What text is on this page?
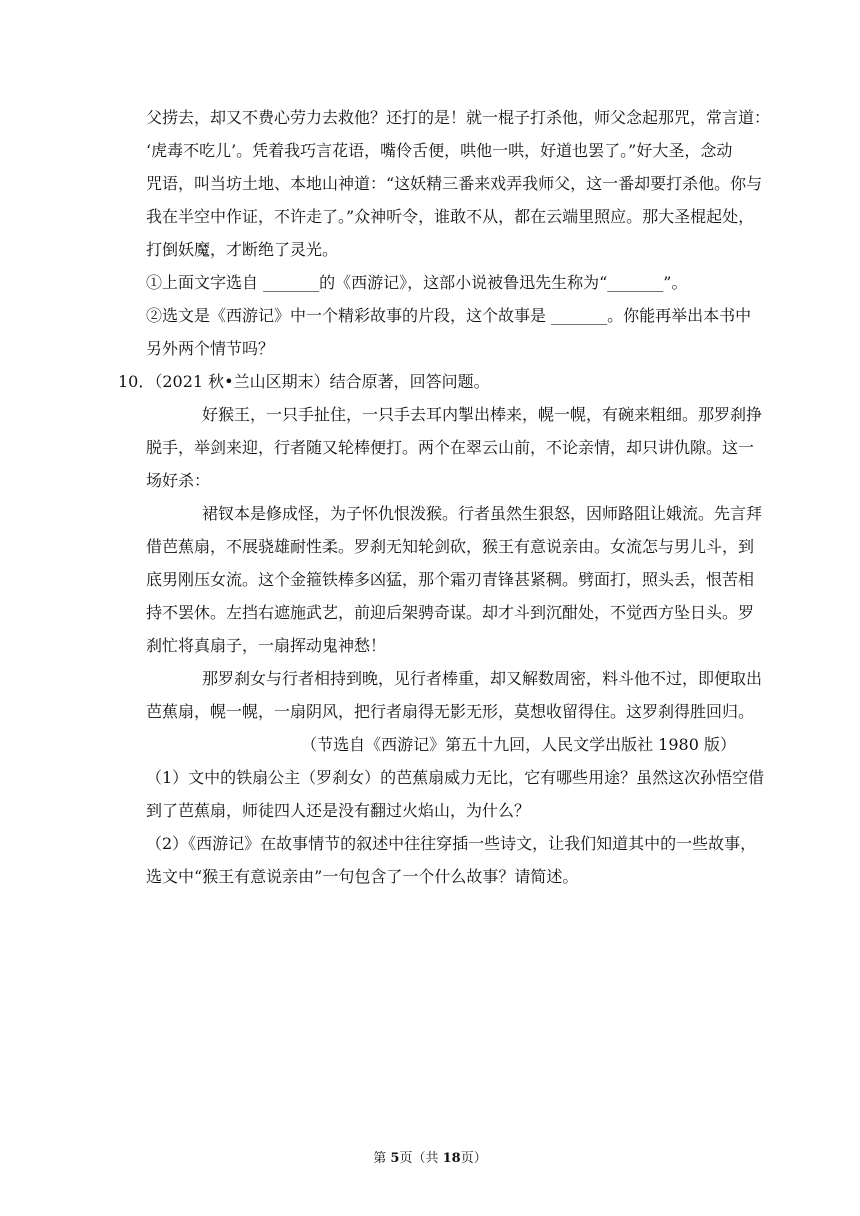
父捞去，却又不费心劳力去救他？还打的是！就一棍子打杀他，师父念起那咒，常言道：
‘虎毒不吃儿’。凭着我巧言花语，嘴伶舌便，哄他一哄，好道也罢了。”好大圣，念动
咒语，叫当坊土地、本地山神道：“这妖精三番来戏弄我师父，这一番却要打杀他。你与
我在半空中作证，不许走了。”众神听令，谁敢不从，都在云端里照应。那大圣棍起处，
打倒妖魔，才断绝了灵光。
①上面文字选自 _______的《西游记》，这部小说被鲁迅先生称为“_______”。
②选文是《西游记》中一个精彩故事的片段，这个故事是 _______。你能再举出本书中
另外两个情节吗？
10．（2021 秋•兰山区期末）结合原著，回答问题。
好猴王，一只手扯住，一只手去耳内掣出棒来，幌一幌，有碗来粗细。那罗刹挣
脱手，举剑来迎，行者随又轮棒便打。两个在翠云山前，不论亲情，却只讲仇隙。这一
场好杀：
裙钗本是修成怪，为子怀仇恨泼猴。行者虽然生狠怒，因师路阻让娥流。先言拜
借芭蕉扇，不展骁雄耐性柔。罗刹无知轮剑砍，猴王有意说亲由。女流怎与男儿斗，到
底男刚压女流。这个金箍铁棒多凶猛，那个霜刃青锋甚紧稠。劈面打，照头丢，恨苦相
持不罢休。左挡右遮施武艺，前迎后架骋奇谋。却才斗到沉酣处，不觉西方坠日头。罗
刹忙将真扇子，一扇挥动鬼神愁！
那罗刹女与行者相持到晚，见行者棒重，却又解数周密，料斗他不过，即便取出
芭蕉扇，幌一幌，一扇阴风，把行者扇得无影无形，莫想收留得住。这罗刹得胜回归。
（节选自《西游记》第五十九回，人民文学出版社 1980 版）
（1）文中的铁扇公主（罗刹女）的芭蕉扇威力无比，它有哪些用途？虽然这次孙悟空借
到了芭蕉扇，师徒四人还是没有翻过火焰山，为什么？
（2）《西游记》在故事情节的叙述中往往穿插一些诗文，让我们知道其中的一些故事，
选文中“猴王有意说亲由”一句包含了一个什么故事？请简述。
第 5页（共 18页）
